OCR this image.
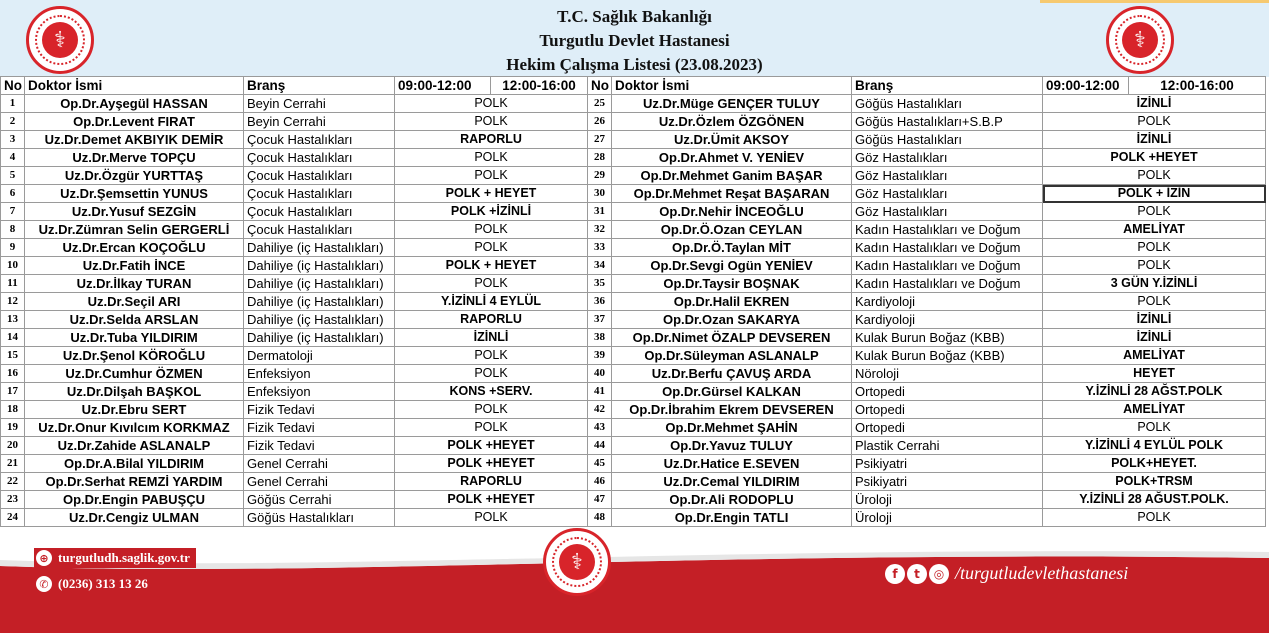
⚕	⚕
T.C. Sağlık Bakanlığı
Turgutlu Devlet Hastanesi
Hekim Çalışma Listesi (23.08.2023)
No	Doktor İsmi	Branş	09:00-12:00	12:00-16:00	No	Doktor İsmi	Branş	09:00-12:00	12:00-16:00
1	Op.Dr.Ayşegül HASSAN	Beyin Cerrahi	POLK		25	Uz.Dr.Müge GENÇER TULUY	Göğüs Hastalıkları	İZİNLİ	
2	Op.Dr.Levent FIRAT	Beyin Cerrahi	POLK		26	Uz.Dr.Özlem ÖZGÖNEN	Göğüs Hastalıkları+S.B.P	POLK	
3	Uz.Dr.Demet AKBIYIK DEMİR	Çocuk Hastalıkları	RAPORLU		27	Uz.Dr.Ümit AKSOY	Göğüs Hastalıkları	İZİNLİ	
4	Uz.Dr.Merve TOPÇU	Çocuk Hastalıkları	POLK		28	Op.Dr.Ahmet V. YENİEV	Göz Hastalıkları	POLK +HEYET	
5	Uz.Dr.Özgür YURTTAŞ	Çocuk Hastalıkları	POLK		29	Op.Dr.Mehmet Ganim BAŞAR	Göz Hastalıkları	POLK	
6	Uz.Dr.Şemsettin YUNUS	Çocuk Hastalıkları	POLK + HEYET		30	Op.Dr.Mehmet Reşat BAŞARAN	Göz Hastalıkları	POLK + İZİN	
7	Uz.Dr.Yusuf SEZGİN	Çocuk Hastalıkları	POLK +İZİNLİ		31	Op.Dr.Nehir İNCEOĞLU	Göz Hastalıkları	POLK	
8	Uz.Dr.Zümran Selin GERGERLİ	Çocuk Hastalıkları	POLK		32	Op.Dr.Ö.Ozan CEYLAN	Kadın Hastalıkları ve Doğum	AMELİYAT	
9	Uz.Dr.Ercan KOÇOĞLU	Dahiliye (iç Hastalıkları)	POLK		33	Op.Dr.Ö.Taylan MİT	Kadın Hastalıkları ve Doğum	POLK	
10	Uz.Dr.Fatih İNCE	Dahiliye (iç Hastalıkları)	POLK + HEYET		34	Op.Dr.Sevgi Ogün YENİEV	Kadın Hastalıkları ve Doğum	POLK	
11	Uz.Dr.İlkay TURAN	Dahiliye (iç Hastalıkları)	POLK		35	Op.Dr.Taysir BOŞNAK	Kadın Hastalıkları ve Doğum	3 GÜN Y.İZİNLİ	
12	Uz.Dr.Seçil ARI	Dahiliye (iç Hastalıkları)	Y.İZİNLİ 4 EYLÜL		36	Op.Dr.Halil EKREN	Kardiyoloji	POLK	
13	Uz.Dr.Selda ARSLAN	Dahiliye (iç Hastalıkları)	RAPORLU		37	Op.Dr.Ozan SAKARYA	Kardiyoloji	İZİNLİ	
14	Uz.Dr.Tuba YILDIRIM	Dahiliye (iç Hastalıkları)	İZİNLİ		38	Op.Dr.Nimet ÖZALP DEVSEREN	Kulak Burun Boğaz (KBB)	İZİNLİ	
15	Uz.Dr.Şenol KÖROĞLU	Dermatoloji	POLK		39	Op.Dr.Süleyman ASLANALP	Kulak Burun Boğaz (KBB)	AMELİYAT	
16	Uz.Dr.Cumhur ÖZMEN	Enfeksiyon	POLK		40	Uz.Dr.Berfu ÇAVUŞ ARDA	Nöroloji	HEYET	
17	Uz.Dr.Dilşah BAŞKOL	Enfeksiyon	KONS +SERV.		41	Op.Dr.Gürsel KALKAN	Ortopedi	Y.İZİNLİ 28 AĞST.POLK	
18	Uz.Dr.Ebru SERT	Fizik Tedavi	POLK		42	Op.Dr.İbrahim Ekrem DEVSEREN	Ortopedi	AMELİYAT	
19	Uz.Dr.Onur Kıvılcım KORKMAZ	Fizik Tedavi	POLK		43	Op.Dr.Mehmet ŞAHİN	Ortopedi	POLK	
20	Uz.Dr.Zahide ASLANALP	Fizik Tedavi	POLK +HEYET		44	Op.Dr.Yavuz TULUY	Plastik Cerrahi	Y.İZİNLİ 4 EYLÜL POLK	
21	Op.Dr.A.Bilal YILDIRIM	Genel Cerrahi	POLK +HEYET		45	Uz.Dr.Hatice E.SEVEN	Psikiyatri	POLK+HEYET.	
22	Op.Dr.Serhat REMZİ YARDIM	Genel Cerrahi	RAPORLU		46	Uz.Dr.Cemal YILDIRIM	Psikiyatri	POLK+TRSM	
23	Op.Dr.Engin PABUŞÇU	Göğüs Cerrahi	POLK +HEYET		47	Op.Dr.Ali RODOPLU	Üroloji	Y.İZİNLİ 28 AĞUST.POLK.	
24	Uz.Dr.Cengiz ULMAN	Göğüs Hastalıkları	POLK		48	Op.Dr.Engin TATLI	Üroloji	POLK	
⚕
⊕ turgutludh.saglik.gov.tr
✆ (0236) 313 13 26
f	t	◎ /turgutludevlethastanesi
